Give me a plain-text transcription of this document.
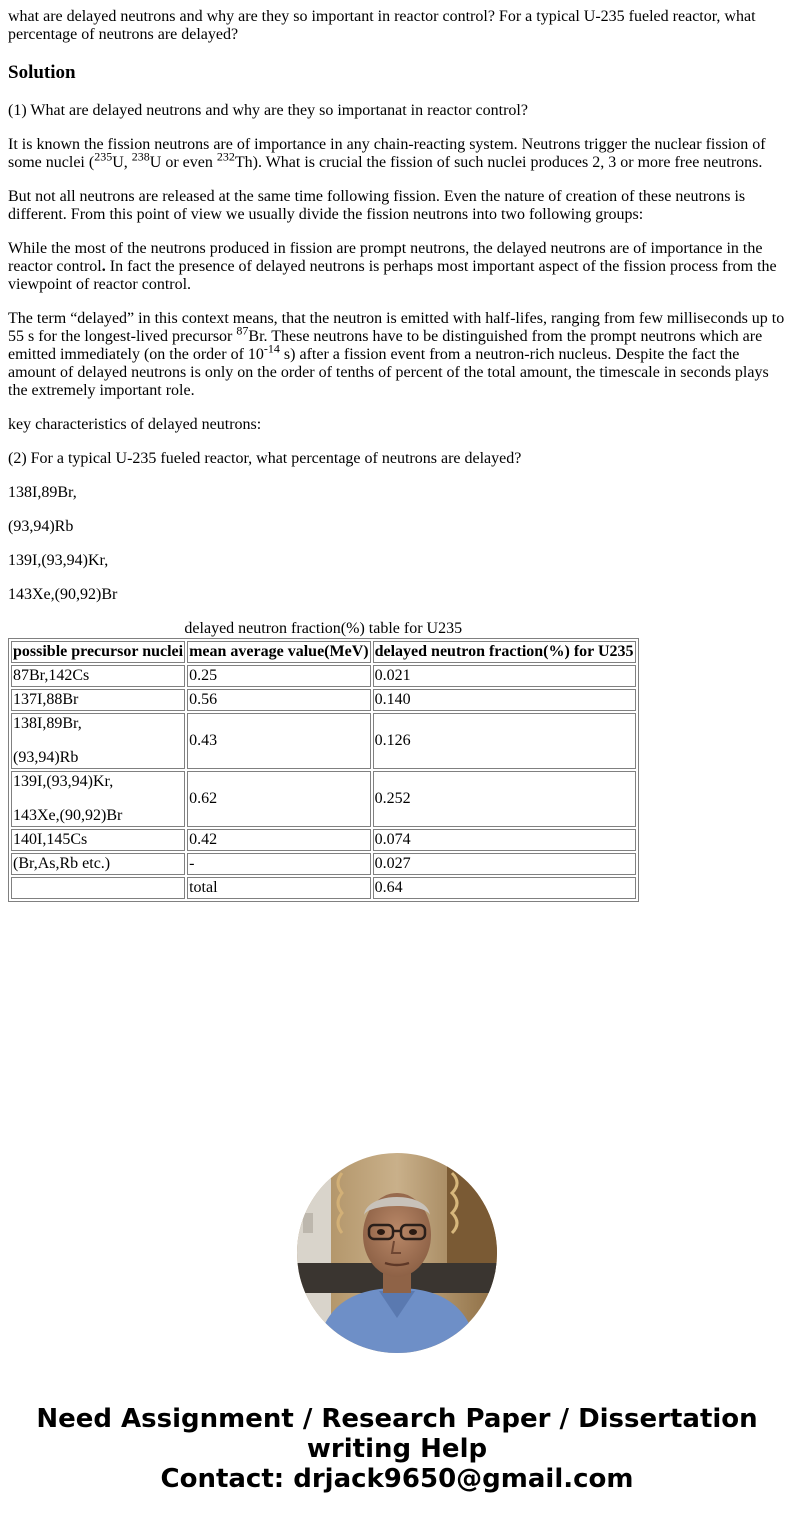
what are delayed neutrons and why are they so important in reactor control? For a typical U-235 fueled reactor, what percentage of neutrons are delayed?

Solution

(1) What are delayed neutrons and why are they so importanat in reactor control?

It is known the fission neutrons are of importance in any chain-reacting system. Neutrons trigger the nuclear fission of some nuclei ($^{235}$U, $^{238}$U or even $^{232}$Th). What is crucial the fission of such nuclei produces 2, 3 or more free neutrons.

But not all neutrons are released at the same time following fission. Even the nature of creation of these neutrons is different. From this point of view we usually divide the fission neutrons into two following groups:

While the most of the neutrons produced in fission are prompt neutrons, the delayed neutrons are of importance in the reactor control. In fact the presence of delayed neutrons is perhaps most important aspect of the fission process from the viewpoint of reactor control.

The term “delayed” in this context means, that the neutron is emitted with half-lifes, ranging from few milliseconds up to 55 s for the longest-lived precursor $^{87}$Br. These neutrons have to be distinguished from the prompt neutrons which are emitted immediately (on the order of $10^{-14}$ s) after a fission event from a neutron-rich nucleus. Despite the fact the amount of delayed neutrons is only on the order of tenths of percent of the total amount, the timescale in seconds plays the extremely important role.

key characteristics of delayed neutrons:

(2) For a typical U-235 fueled reactor, what percentage of neutrons are delayed?

138I,89Br,

(93,94)Rb

139I,(93,94)Kr,

143Xe,(90,92)Br

delayed neutron fraction(%) table for U235
possible precursor nuclei	mean average value(MeV)	delayed neutron fraction(%) for U235

87Br,142Cs	0.25	0.021

137I,88Br	0.56	0.140

138I,89Br,
(93,94)Rb	0.43	0.126

139I,(93,94)Kr,
143Xe,(90,92)Br	0.62	0.252

140I,145Cs	0.42	0.074

(Br,As,Rb etc.)	-	0.027

	total	0.64
Need Assignment / Research Paper / Dissertation
writing Help
Contact: drjack9650@gmail.com
